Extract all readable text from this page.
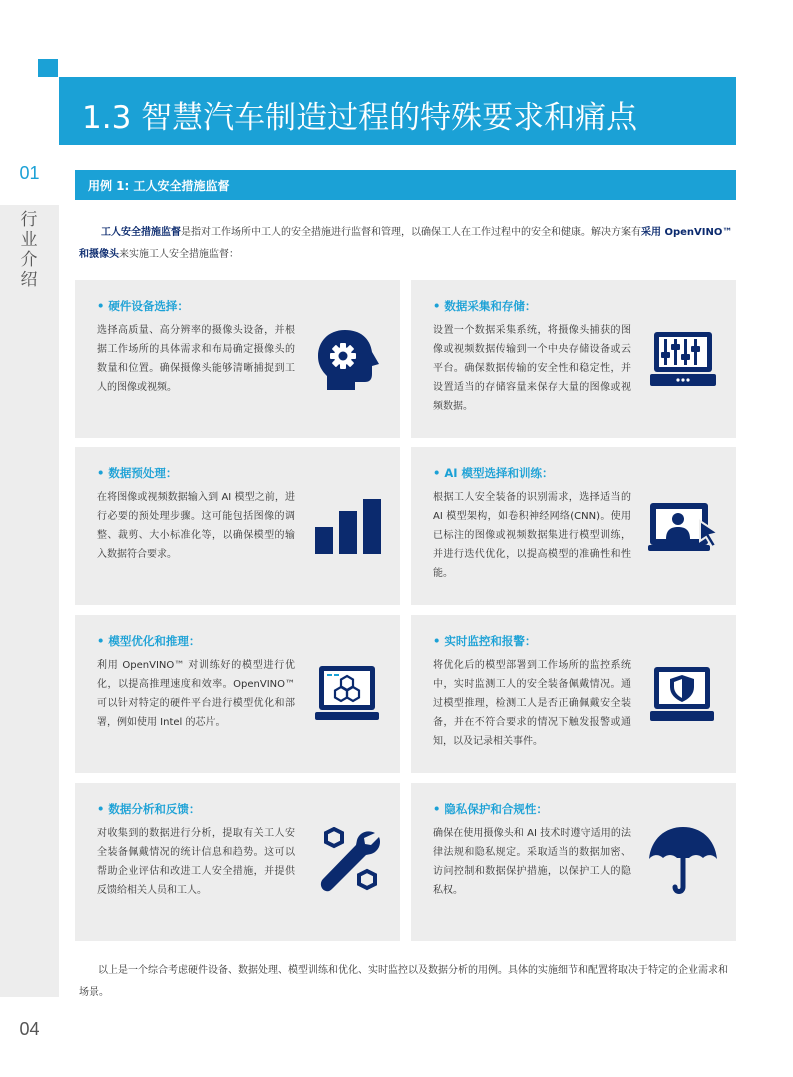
01
行
业
介
绍
04
1.3 智慧汽车制造过程的特殊要求和痛点
用例 1: 工人安全措施监督

工人安全措施监督是指对工作场所中工人的安全措施进行监督和管理，以确保工人在工作过程中的安全和健康。解决方案有采用 OpenVINO™和摄像头来实施工人安全措施监督：

• 硬件设备选择：
选择高质量、高分辨率的摄像头设备，并根据工作场所的具体需求和布局确定摄像头的数量和位置。确保摄像头能够清晰捕捉到工人的图像或视频。
• 数据采集和存储：
设置一个数据采集系统，将摄像头捕获的图像或视频数据传输到一个中央存储设备或云平台。确保数据传输的安全性和稳定性，并设置适当的存储容量来保存大量的图像或视频数据。
• 数据预处理：
在将图像或视频数据输入到 AI 模型之前，进行必要的预处理步骤。这可能包括图像的调整、裁剪、大小标准化等，以确保模型的输入数据符合要求。
• AI 模型选择和训练：
根据工人安全装备的识别需求，选择适当的 AI 模型架构，如卷积神经网络(CNN)。使用已标注的图像或视频数据集进行模型训练，并进行迭代优化，以提高模型的准确性和性能。
• 模型优化和推理：
利用 OpenVINO™ 对训练好的模型进行优化，以提高推理速度和效率。OpenVINO™可以针对特定的硬件平台进行模型优化和部署，例如使用 Intel 的芯片。
• 实时监控和报警：
将优化后的模型部署到工作场所的监控系统中，实时监测工人的安全装备佩戴情况。通过模型推理，检测工人是否正确佩戴安全装备，并在不符合要求的情况下触发报警或通知，以及记录相关事件。
• 数据分析和反馈：
对收集到的数据进行分析，提取有关工人安全装备佩戴情况的统计信息和趋势。这可以帮助企业评估和改进工人安全措施，并提供反馈给相关人员和工人。
• 隐私保护和合规性：
确保在使用摄像头和 AI 技术时遵守适用的法律法规和隐私规定。采取适当的数据加密、访问控制和数据保护措施，以保护工人的隐私权。

以上是一个综合考虑硬件设备、数据处理、模型训练和优化、实时监控以及数据分析的用例。具体的实施细节和配置将取决于特定的企业需求和场景。
